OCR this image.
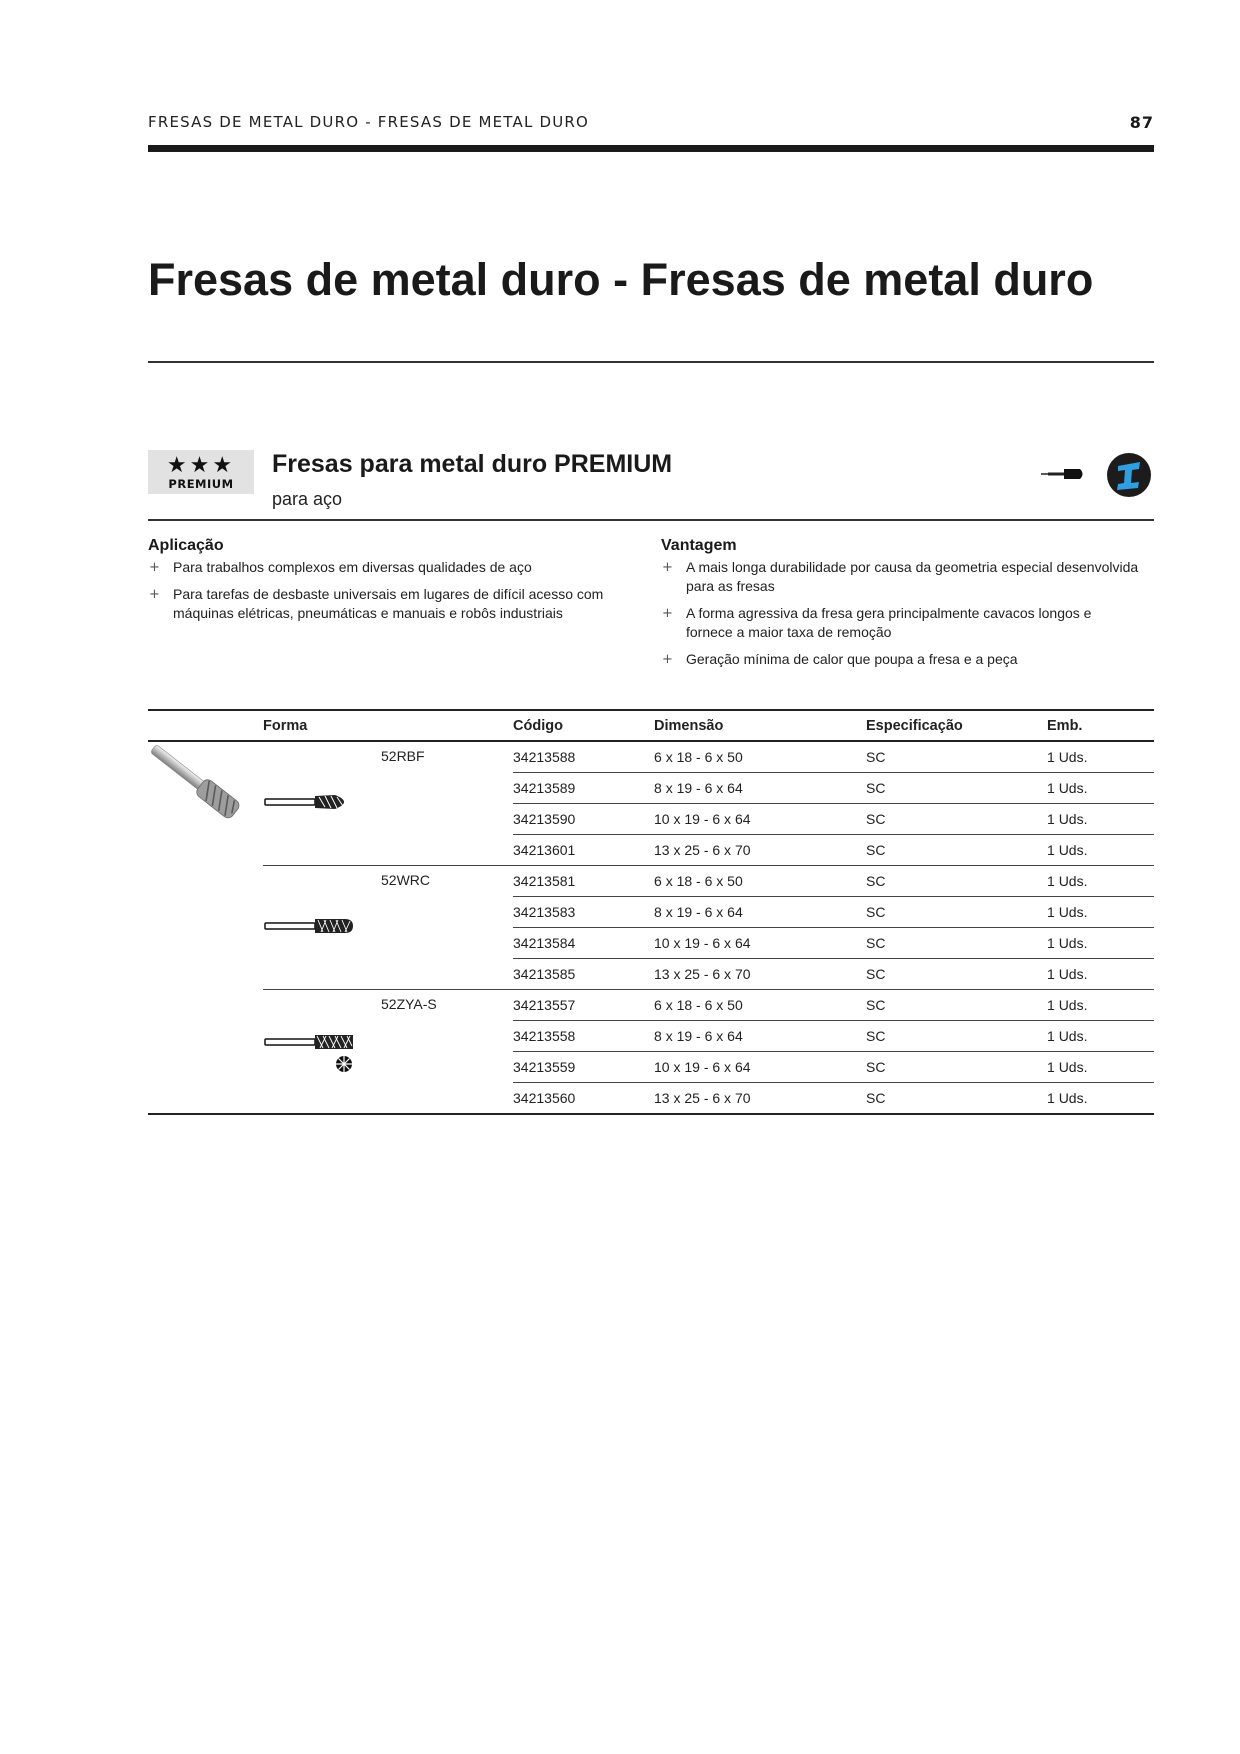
FRESAS DE METAL DURO - FRESAS DE METAL DURO	87
Fresas de metal duro - Fresas de metal duro
★★★
PREMIUM
Fresas para metal duro PREMIUM
para aço
Aplicação
+ Para trabalhos complexos em diversas qualidades de aço
+ Para tarefas de desbaste universais em lugares de difícil acesso com máquinas elétricas, pneumáticas e manuais e robôs industriais
Vantagem
+ A mais longa durabilidade por causa da geometria especial desenvolvida para as fresas
+ A forma agressiva da fresa gera principalmente cavacos longos e fornece a maior taxa de remoção
+ Geração mínima de calor que poupa a fresa e a peça
	Forma		Código	Dimensão	Especificação	Emb.

52RBF	34213588	6 x 18 - 6 x 50	SC	1 Uds.
			34213589	8 x 19 - 6 x 64	SC	1 Uds.
			34213590	10 x 19 - 6 x 64	SC	1 Uds.
			34213601	13 x 25 - 6 x 70	SC	1 Uds.

52WRC	34213581	6 x 18 - 6 x 50	SC	1 Uds.
			34213583	8 x 19 - 6 x 64	SC	1 Uds.
			34213584	10 x 19 - 6 x 64	SC	1 Uds.
			34213585	13 x 25 - 6 x 70	SC	1 Uds.

52ZYA-S	34213557	6 x 18 - 6 x 50	SC	1 Uds.
			34213558	8 x 19 - 6 x 64	SC	1 Uds.
			34213559	10 x 19 - 6 x 64	SC	1 Uds.
			34213560	13 x 25 - 6 x 70	SC	1 Uds.
